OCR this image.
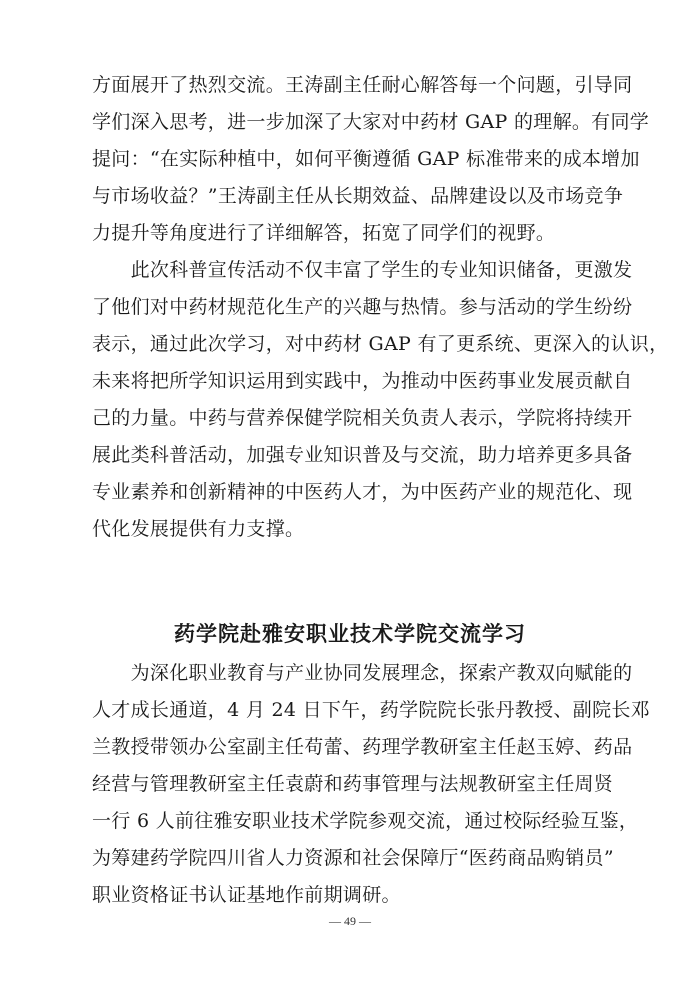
方面展开了热烈交流。王涛副主任耐心解答每一个问题，引导同
学们深入思考，进一步加深了大家对中药材 GAP 的理解。有同学
提问：“在实际种植中，如何平衡遵循 GAP 标准带来的成本增加
与市场收益？”王涛副主任从长期效益、品牌建设以及市场竞争
力提升等角度进行了详细解答，拓宽了同学们的视野。

　　此次科普宣传活动不仅丰富了学生的专业知识储备，更激发
了他们对中药材规范化生产的兴趣与热情。参与活动的学生纷纷
表示，通过此次学习，对中药材 GAP 有了更系统、更深入的认识，
未来将把所学知识运用到实践中，为推动中医药事业发展贡献自
己的力量。中药与营养保健学院相关负责人表示，学院将持续开
展此类科普活动，加强专业知识普及与交流，助力培养更多具备
专业素养和创新精神的中医药人才，为中医药产业的规范化、现
代化发展提供有力支撑。

药学院赴雅安职业技术学院交流学习

　　为深化职业教育与产业协同发展理念，探索产教双向赋能的
人才成长通道，4 月 24 日下午，药学院院长张丹教授、副院长邓
兰教授带领办公室副主任苟蕾、药理学教研室主任赵玉婷、药品
经营与管理教研室主任袁蔚和药事管理与法规教研室主任周贤
一行 6 人前往雅安职业技术学院参观交流，通过校际经验互鉴，
为筹建药学院四川省人力资源和社会保障厅“医药商品购销员”
职业资格证书认证基地作前期调研。

— 49 —
